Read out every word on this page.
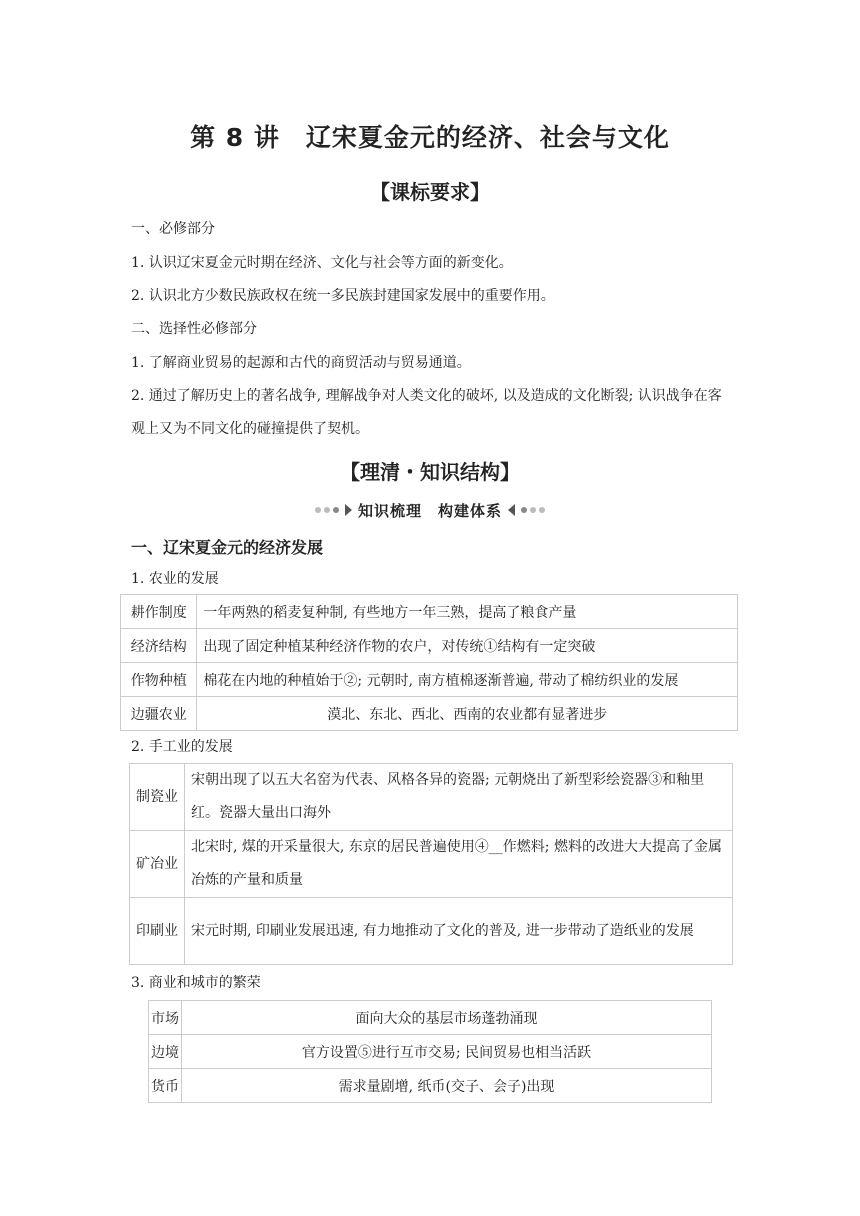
第 8 讲　辽宋夏金元的经济、社会与文化
【课标要求】
一、必修部分
1. 认识辽宋夏金元时期在经济、文化与社会等方面的新变化。
2. 认识北方少数民族政权在统一多民族封建国家发展中的重要作用。
二、选择性必修部分
1. 了解商业贸易的起源和古代的商贸活动与贸易通道。
2. 通过了解历史上的著名战争, 理解战争对人类文化的破坏, 以及造成的文化断裂; 认识战争在客观上又为不同文化的碰撞提供了契机。
【理清・知识结构】
知识梳理　构建体系
一、辽宋夏金元的经济发展
1. 农业的发展
耕作制度	一年两熟的稻麦复种制, 有些地方一年三熟，提高了粮食产量
经济结构	出现了固定种植某种经济作物的农户，对传统①结构有一定突破
作物种植	棉花在内地的种植始于②; 元朝时, 南方植棉逐渐普遍, 带动了棉纺织业的发展
边疆农业	漠北、东北、西北、西南的农业都有显著进步
2. 手工业的发展
制瓷业	宋朝出现了以五大名窑为代表、风格各异的瓷器; 元朝烧出了新型彩绘瓷器③和釉里红。瓷器大量出口海外
矿冶业	北宋时, 煤的开采量很大, 东京的居民普遍使用④__作燃料; 燃料的改进大大提高了金属冶炼的产量和质量
印刷业	宋元时期, 印刷业发展迅速, 有力地推动了文化的普及, 进一步带动了造纸业的发展
3. 商业和城市的繁荣
市场	面向大众的基层市场蓬勃涌现
边境	官方设置⑤进行互市交易; 民间贸易也相当活跃
货币	需求量剧增, 纸币(交子、会子)出现
